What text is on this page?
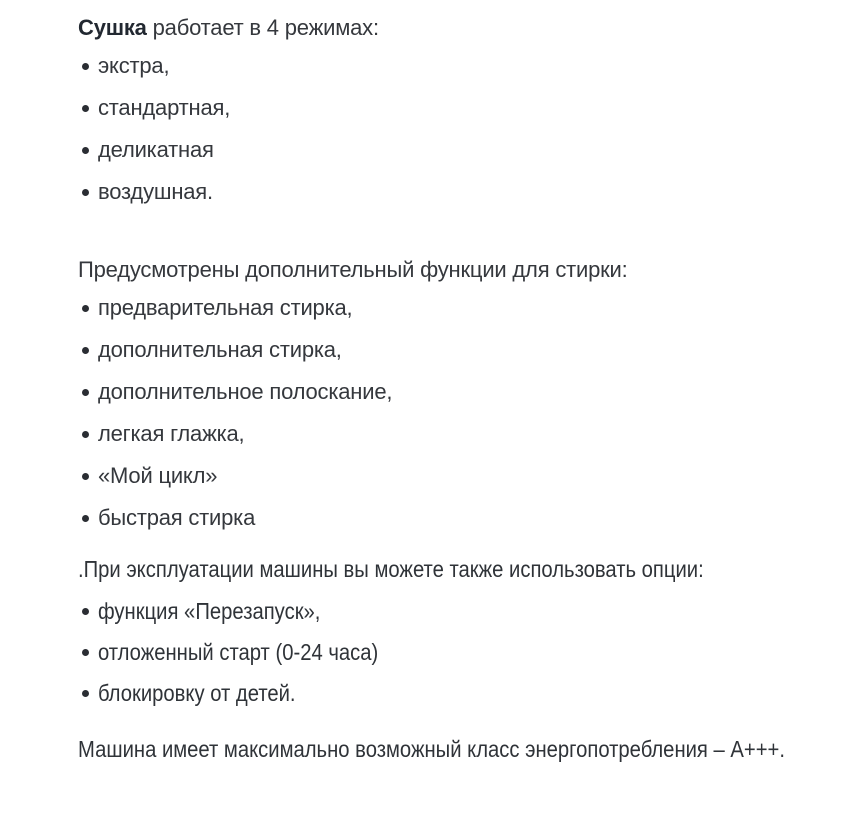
Сушка работает в 4 режимах:

экстра,
стандартная,
деликатная
воздушная.

Предусмотрены дополнительный функции для стирки:

предварительная стирка,
дополнительная стирка,
дополнительное полоскание,
легкая глажка,
«Мой цикл»
быстрая стирка

.При эксплуатации машины вы можете также использовать опции:

функция «Перезапуск»,
отложенный старт (0-24 часа)
блокировку от детей.

Машина имеет максимально возможный класс энергопотребления – А+++.
